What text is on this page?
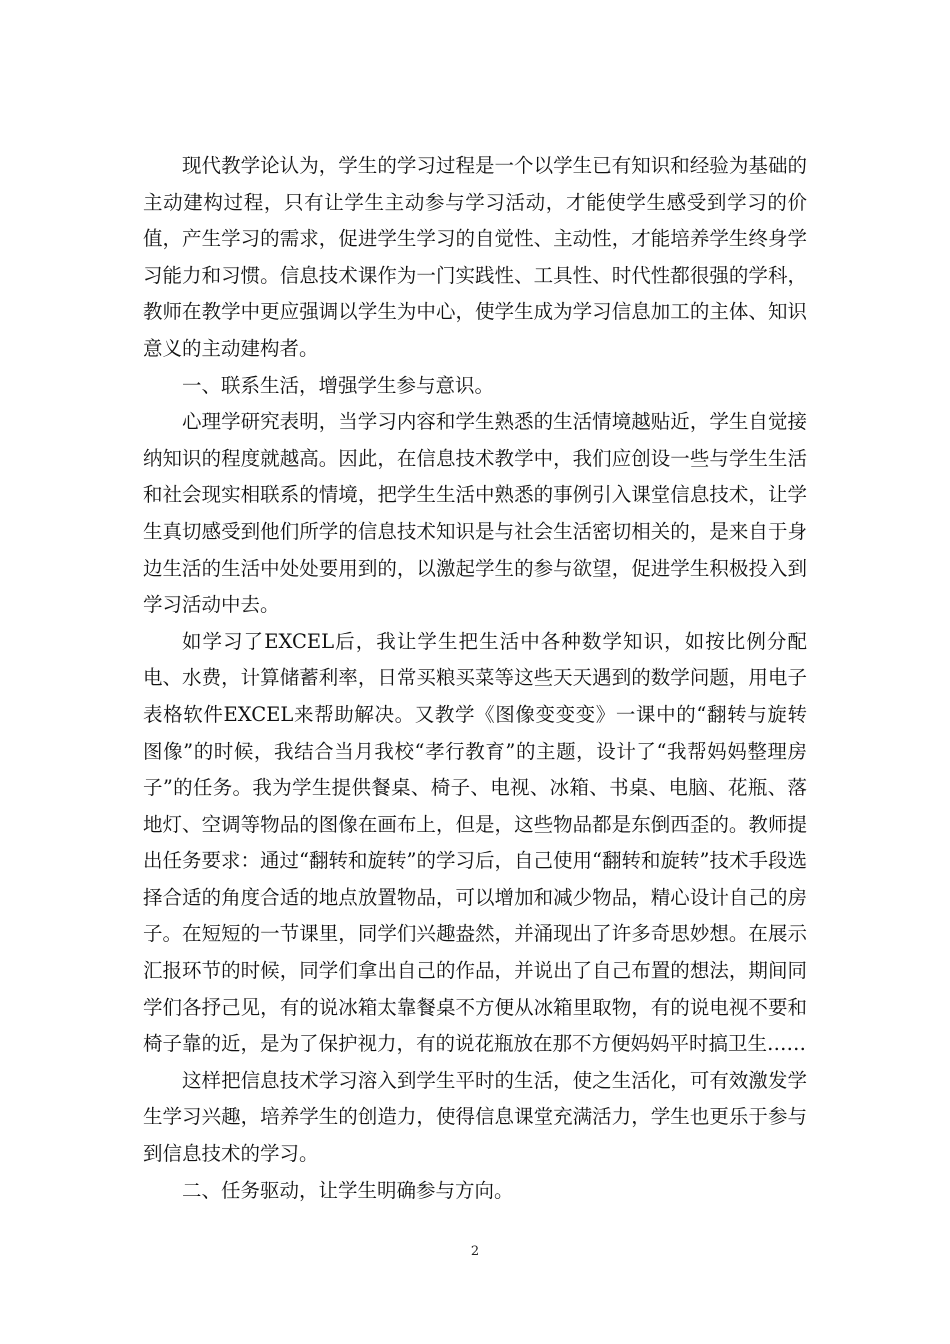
现代教学论认为，学生的学习过程是一个以学生已有知识和经验为基础的主动建构过程，只有让学生主动参与学习活动，才能使学生感受到学习的价值，产生学习的需求，促进学生学习的自觉性、主动性，才能培养学生终身学习能力和习惯。信息技术课作为一门实践性、工具性、时代性都很强的学科，教师在教学中更应强调以学生为中心，使学生成为学习信息加工的主体、知识意义的主动建构者。

一、联系生活，增强学生参与意识。

心理学研究表明，当学习内容和学生熟悉的生活情境越贴近，学生自觉接纳知识的程度就越高。因此，在信息技术教学中，我们应创设一些与学生生活和社会现实相联系的情境，把学生生活中熟悉的事例引入课堂信息技术，让学生真切感受到他们所学的信息技术知识是与社会生活密切相关的，是来自于身边生活的生活中处处要用到的，以激起学生的参与欲望，促进学生积极投入到学习活动中去。

如学习了EXCEL后，我让学生把生活中各种数学知识，如按比例分配电、水费，计算储蓄利率，日常买粮买菜等这些天天遇到的数学问题，用电子表格软件EXCEL来帮助解决。又教学《图像变变变》一课中的“翻转与旋转图像”的时候，我结合当月我校“孝行教育”的主题，设计了“我帮妈妈整理房子”的任务。我为学生提供餐桌、椅子、电视、冰箱、书桌、电脑、花瓶、落地灯、空调等物品的图像在画布上，但是，这些物品都是东倒西歪的。教师提出任务要求：通过“翻转和旋转”的学习后，自己使用“翻转和旋转”技术手段选择合适的角度合适的地点放置物品，可以增加和减少物品，精心设计自己的房子。在短短的一节课里，同学们兴趣盎然，并涌现出了许多奇思妙想。在展示汇报环节的时候，同学们拿出自己的作品，并说出了自己布置的想法，期间同学们各抒己见，有的说冰箱太靠餐桌不方便从冰箱里取物，有的说电视不要和椅子靠的近，是为了保护视力，有的说花瓶放在那不方便妈妈平时搞卫生……

这样把信息技术学习溶入到学生平时的生活，使之生活化，可有效激发学生学习兴趣，培养学生的创造力，使得信息课堂充满活力，学生也更乐于参与到信息技术的学习。

二、任务驱动，让学生明确参与方向。

2
